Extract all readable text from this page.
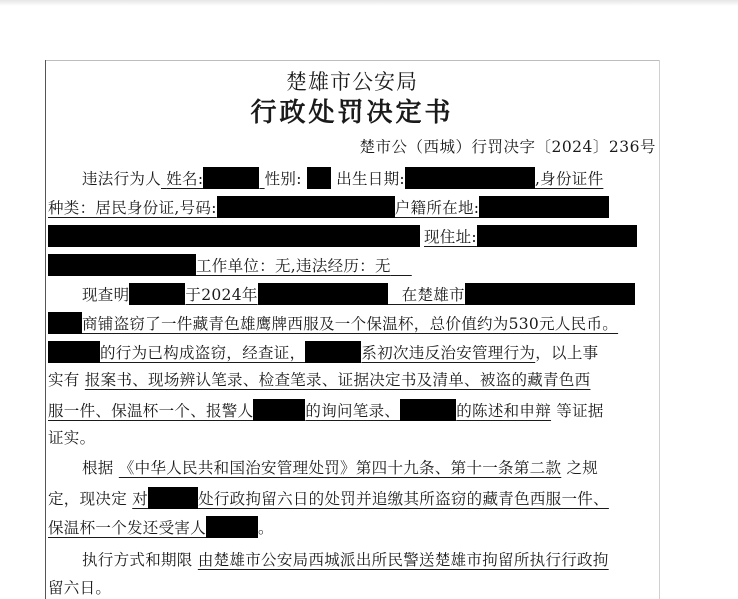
楚雄市公安局
行政处罚决定书
楚市公（西城）行罚决字〔2024〕236号
违法行为人 姓名:	性别: 出生日期:	,身份证件
种类：居民身份证,号码:	户籍所在地:
现住址:
工作单位：无,违法经历：无
现查明	于2024年	在楚雄市
商铺盗窃了一件藏青色雄鹰牌西服及一个保温杯，总价值约为530元人民币。
的行为已构成盗窃，经查证，	系初次违反治安管理行为，以上事
实有 报案书、现场辨认笔录、检查笔录、证据决定书及清单、被盗的藏青色西
服一件、保温杯一个、报警人	的询问笔录、	的陈述和申辩 等证据
证实。
根据 《中华人民共和国治安管理处罚》第四十九条、第十一条第二款 之规
定，现决定 对	处行政拘留六日的处罚并追缴其所盗窃的藏青色西服一件、
保温杯一个发还受害人	。
执行方式和期限 由楚雄市公安局西城派出所民警送楚雄市拘留所执行行政拘
留六日。
